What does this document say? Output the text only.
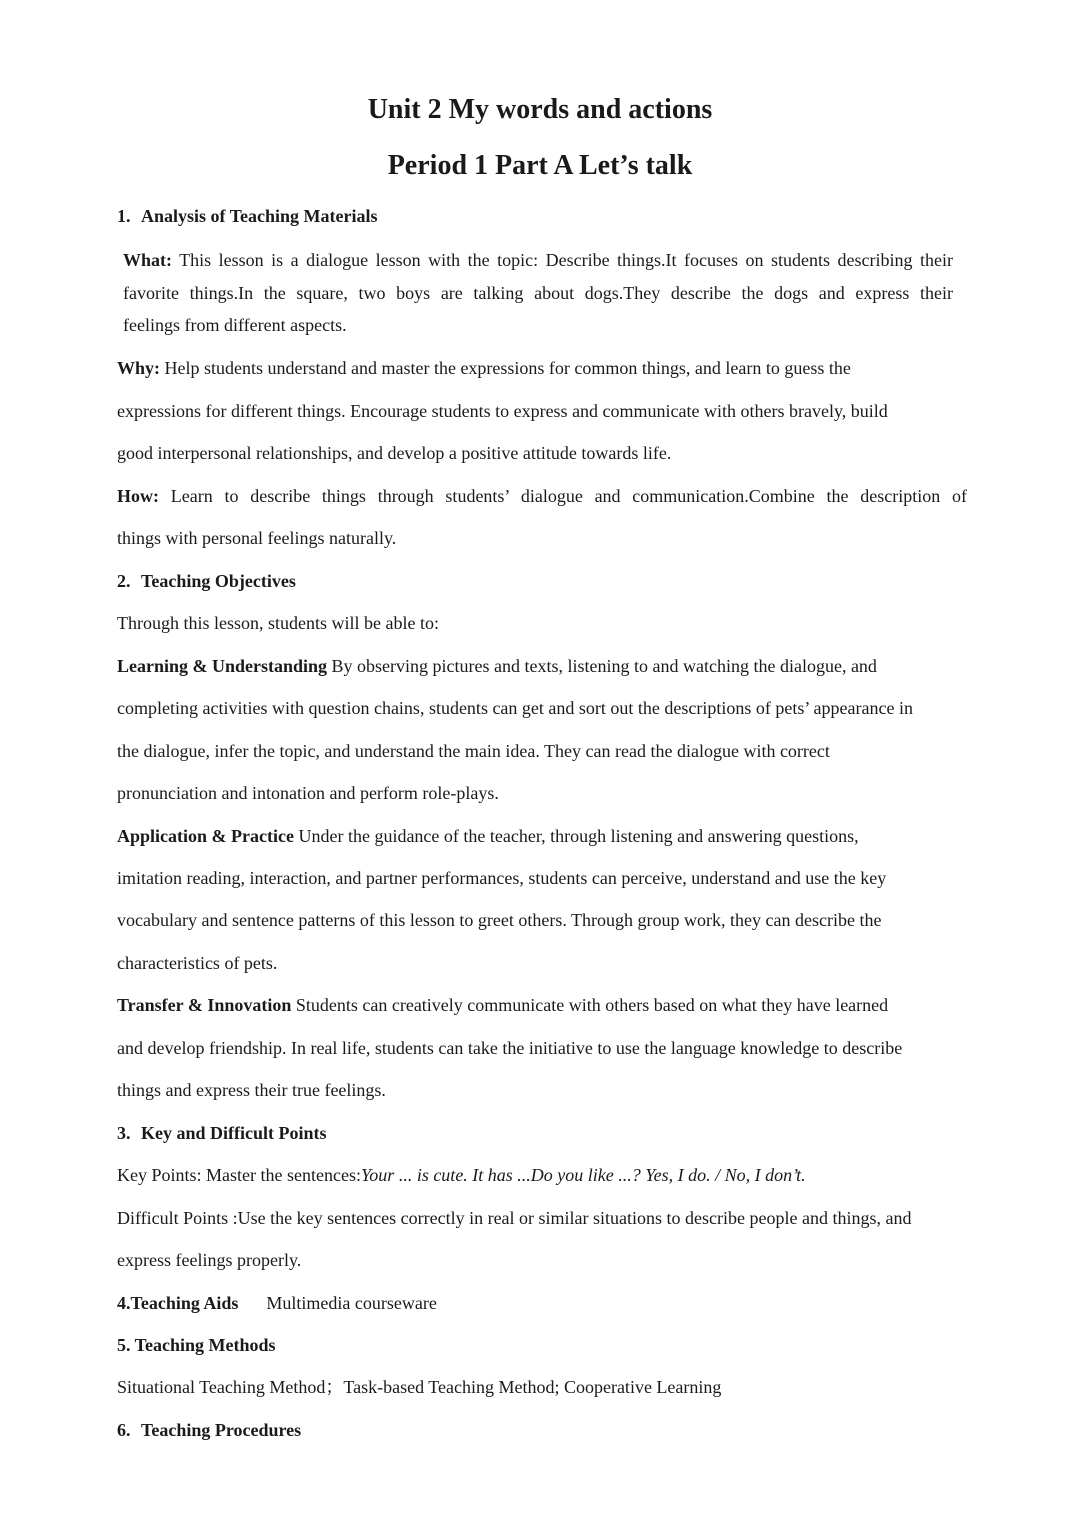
Unit 2 My words and actions
Period 1 Part A Let’s talk
1. Analysis of Teaching Materials
What: This lesson is a dialogue lesson with the topic: Describe things.It focuses on students describing their
favorite things.In the square, two boys are talking about dogs.They describe the dogs and express their
feelings from different aspects.
Why: Help students understand and master the expressions for common things, and learn to guess the
expressions for different things. Encourage students to express and communicate with others bravely, build
good interpersonal relationships, and develop a positive attitude towards life.
How: Learn to describe things through students’ dialogue and communication.Combine the description of
things with personal feelings naturally.
2. Teaching Objectives
Through this lesson, students will be able to:
Learning & Understanding By observing pictures and texts, listening to and watching the dialogue, and
completing activities with question chains, students can get and sort out the descriptions of pets’ appearance in
the dialogue, infer the topic, and understand the main idea. They can read the dialogue with correct
pronunciation and intonation and perform role-plays.
Application & Practice Under the guidance of the teacher, through listening and answering questions,
imitation reading, interaction, and partner performances, students can perceive, understand and use the key
vocabulary and sentence patterns of this lesson to greet others. Through group work, they can describe the
characteristics of pets.
Transfer & Innovation Students can creatively communicate with others based on what they have learned
and develop friendship. In real life, students can take the initiative to use the language knowledge to describe
things and express their true feelings.
3. Key and Difficult Points
Key Points: Master the sentences:Your ... is cute. It has ...Do you like ...? Yes, I do. / No, I don’t.
Difficult Points :Use the key sentences correctly in real or similar situations to describe people and things, and
express feelings properly.
4.Teaching Aids Multimedia courseware
5. Teaching Methods
Situational Teaching Method；Task-based Teaching Method; Cooperative Learning
6. Teaching Procedures
